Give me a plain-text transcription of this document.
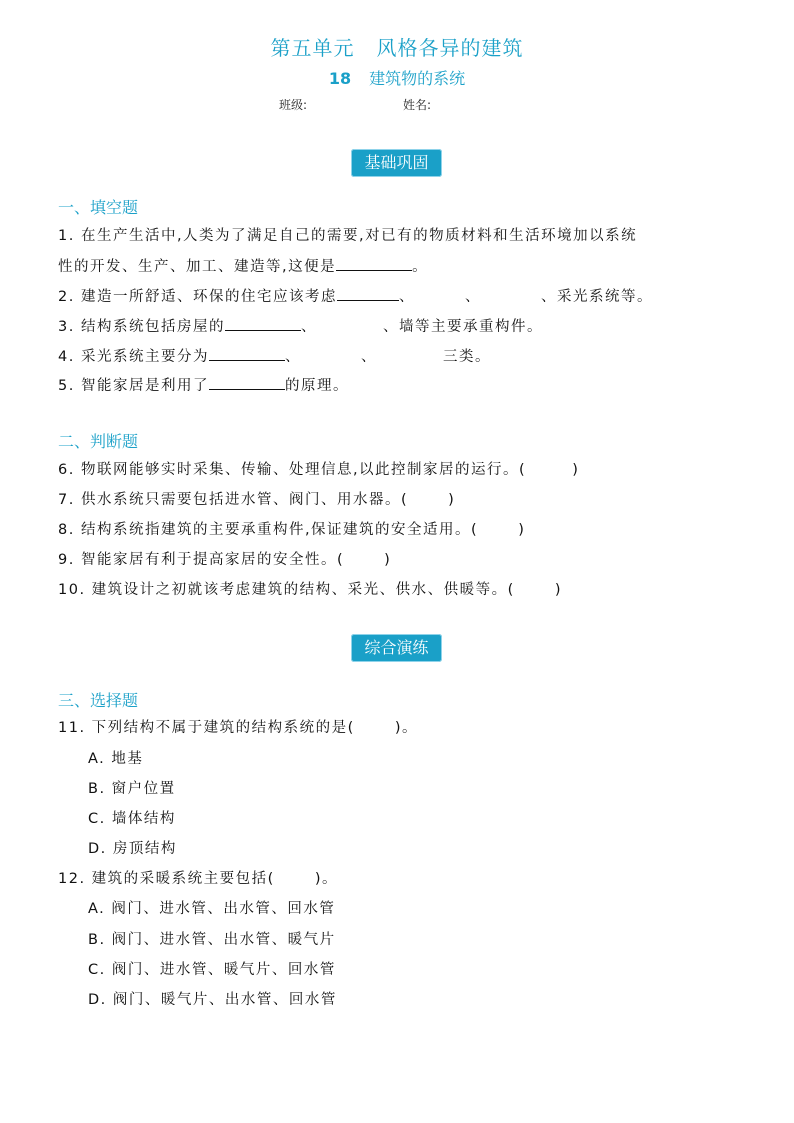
第五单元 风格各异的建筑
18 建筑物的系统
班级:	姓名:
基础巩固
一、填空题
1. 在生产生活中,人类为了满足自己的需要,对已有的物质材料和生活环境加以系统
性的开发、生产、加工、建造等,这便是	。
2. 建造一所舒适、环保的住宅应该考虑	、	、	、采光系统等。
3. 结构系统包括房屋的	、	、墙等主要承重构件。
4. 采光系统主要分为	、	、	三类。
5. 智能家居是利用了	的原理。
二、判断题
6. 物联网能够实时采集、传输、处理信息,以此控制家居的运行。(	)
7. 供水系统只需要包括进水管、阀门、用水器。(	)
8. 结构系统指建筑的主要承重构件,保证建筑的安全适用。(	)
9. 智能家居有利于提高家居的安全性。(	)
10. 建筑设计之初就该考虑建筑的结构、采光、供水、供暖等。(	)
综合演练
三、选择题
11. 下列结构不属于建筑的结构系统的是(	)。
A. 地基
B. 窗户位置
C. 墙体结构
D. 房顶结构
12. 建筑的采暖系统主要包括(	)。
A. 阀门、进水管、出水管、回水管
B. 阀门、进水管、出水管、暖气片
C. 阀门、进水管、暖气片、回水管
D. 阀门、暖气片、出水管、回水管
